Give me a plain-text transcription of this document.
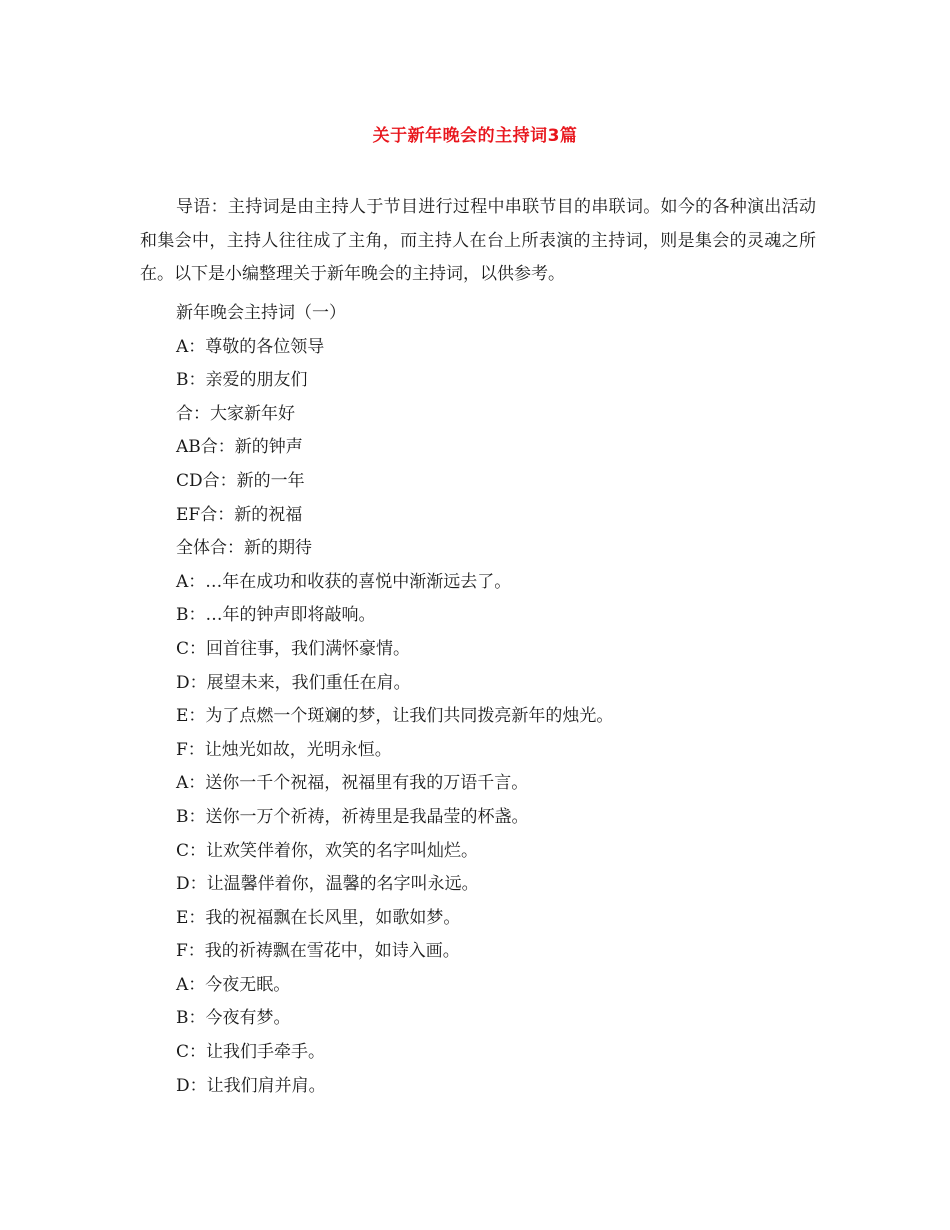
关于新年晚会的主持词3篇

导语：主持词是由主持人于节目进行过程中串联节目的串联词。如今的各种演出活动和集会中，主持人往往成了主角，而主持人在台上所表演的主持词，则是集会的灵魂之所在。以下是小编整理关于新年晚会的主持词，以供参考。

新年晚会主持词（一）
A：尊敬的各位领导
B：亲爱的朋友们
合：大家新年好
AB合：新的钟声
CD合：新的一年
EF合：新的祝福
全体合：新的期待
A：…年在成功和收获的喜悦中渐渐远去了。
B：…年的钟声即将敲响。
C：回首往事，我们满怀豪情。
D：展望未来，我们重任在肩。
E：为了点燃一个斑斓的梦，让我们共同拨亮新年的烛光。
F：让烛光如故，光明永恒。
A：送你一千个祝福，祝福里有我的万语千言。
B：送你一万个祈祷，祈祷里是我晶莹的杯盏。
C：让欢笑伴着你，欢笑的名字叫灿烂。
D：让温馨伴着你，温馨的名字叫永远。
E：我的祝福飘在长风里，如歌如梦。
F：我的祈祷飘在雪花中，如诗入画。
A：今夜无眠。
B：今夜有梦。
C：让我们手牵手。
D：让我们肩并肩。
